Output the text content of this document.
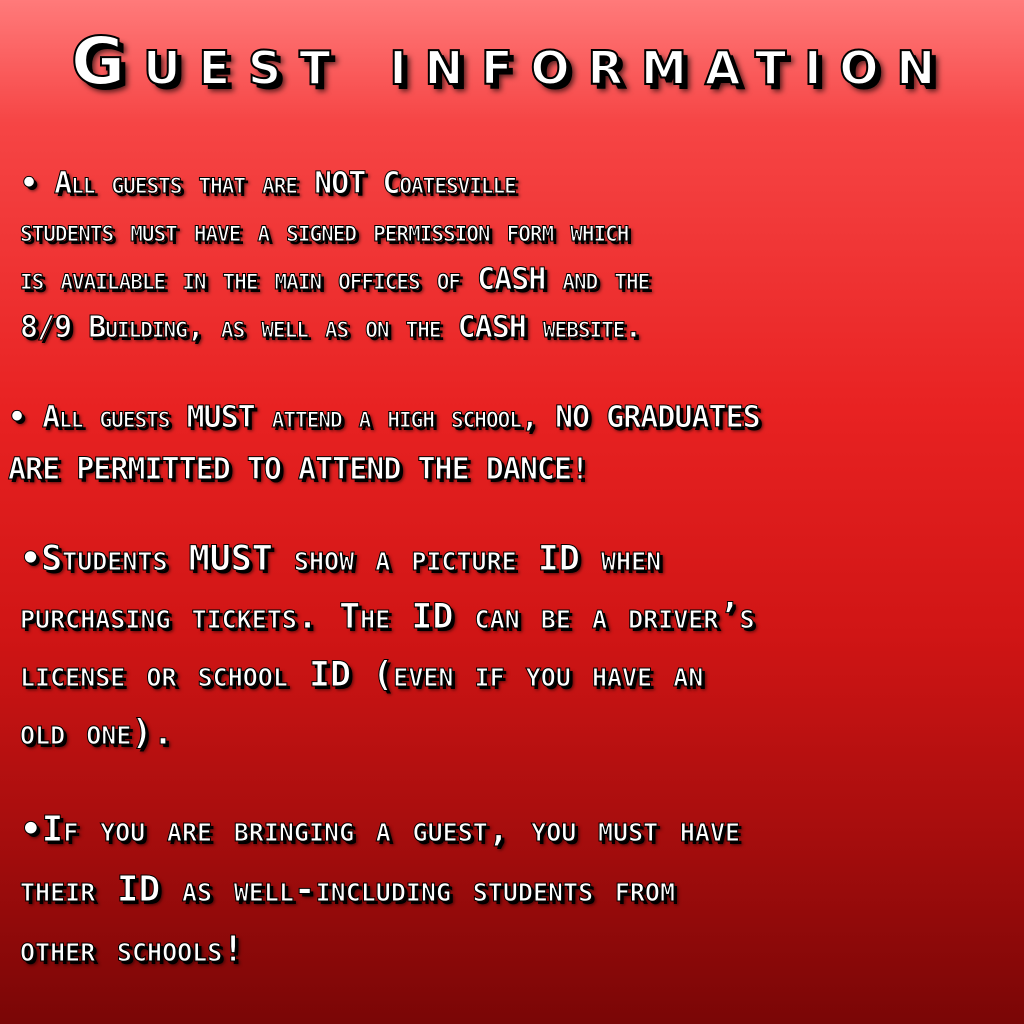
Guest information

• All guests that are NOT Coatesville
students must have a signed permission form which
is available in the main offices of CASH and the
8/9 Building, as well as on the CASH website.

• All guests MUST attend a high school, NO GRADUATES
ARE PERMITTED TO ATTEND THE DANCE!

•Students MUST show a picture ID when
purchasing tickets. The ID can be a driver’s
license or school ID (even if you have an
old one).

•If you are bringing a guest, you must have
their ID as well-including students from
other schools!
